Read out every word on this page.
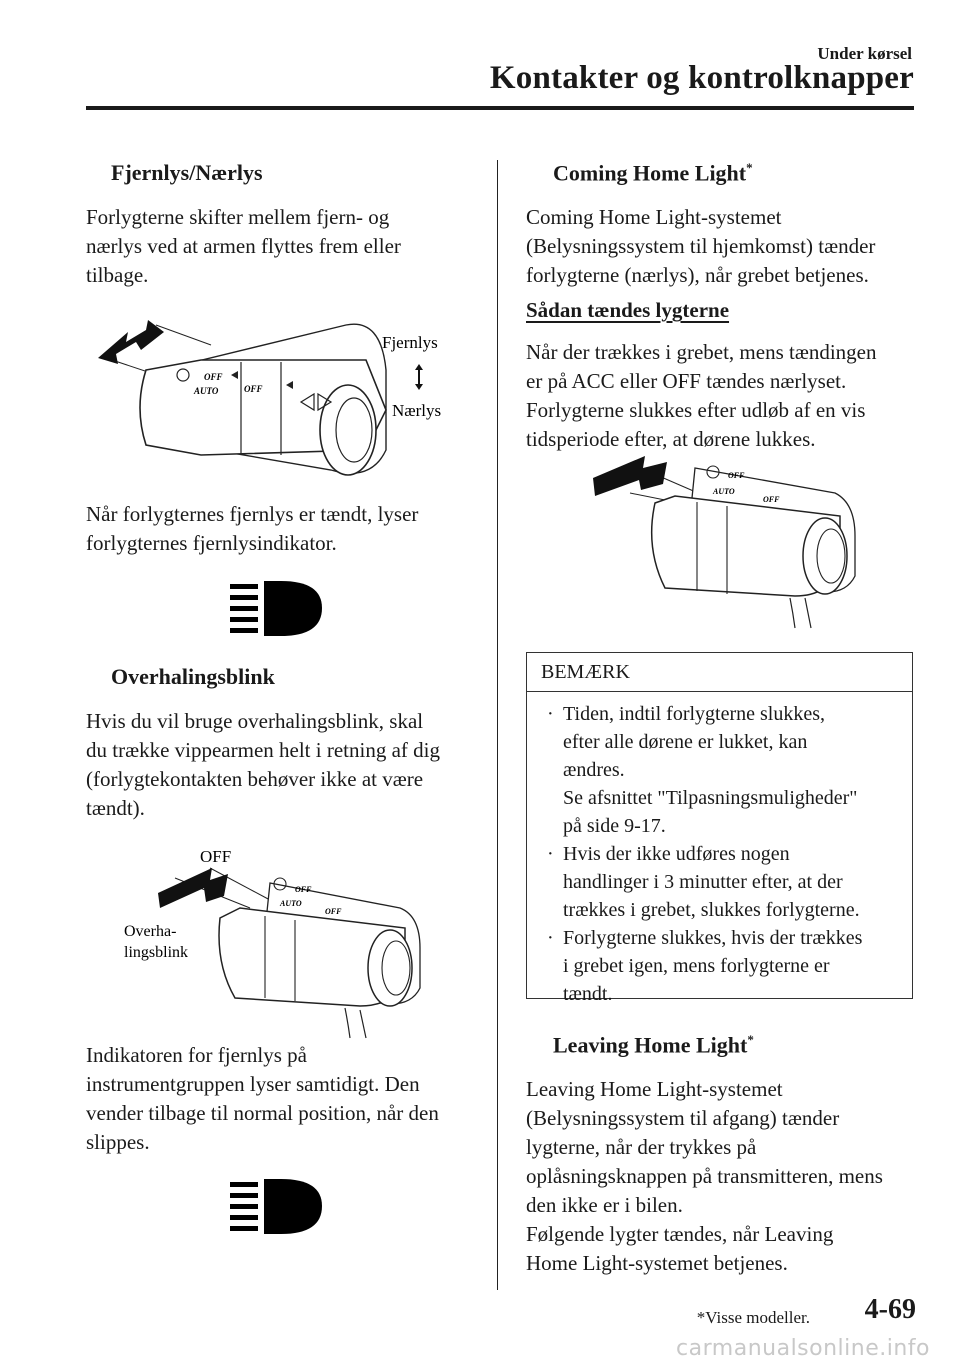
Under kørsel
Kontakter og kontrolknapper
Fjernlys/Nærlys

Forlygterne skifter mellem fjern- og

nærlys ved at armen flyttes frem eller

tilbage.

OFF
AUTO	OFF
Fjernlys
Nærlys

Når forlygternes fjernlys er tændt, lyser

forlygternes fjernlysindikator.

Overhalingsblink

Hvis du vil bruge overhalingsblink, skal

du trække vippearmen helt i retning af dig

(forlygtekontakten behøver ikke at være

tændt).

OFF
Overha-
lingsblink
OFF
AUTO
OFF

Indikatoren for fjernlys på

instrumentgruppen lyser samtidigt. Den

vender tilbage til normal position, når den

slippes.

Coming Home Light*

Coming Home Light-systemet

(Belysningssystem til hjemkomst) tænder

forlygterne (nærlys), når grebet betjenes.

Sådan tændes lygterne

Når der trækkes i grebet, mens tændingen

er på ACC eller OFF tændes nærlyset.

Forlygterne slukkes efter udløb af en vis

tidsperiode efter, at dørene lukkes.

OFF
AUTO
OFF
BEMÆRK
· Tiden, indtil forlygterne slukkes,
efter alle dørene er lukket, kan
ændres.
Se afsnittet "Tilpasningsmuligheder"
på side 9-17.
· Hvis der ikke udføres nogen
handlinger i 3 minutter efter, at der
trækkes i grebet, slukkes forlygterne.
· Forlygterne slukkes, hvis der trækkes
i grebet igen, mens forlygterne er
tændt.
Leaving Home Light*

Leaving Home Light-systemet

(Belysningssystem til afgang) tænder

lygterne, når der trykkes på

oplåsningsknappen på transmitteren, mens

den ikke er i bilen.

Følgende lygter tændes, når Leaving

Home Light-systemet betjenes.

*Visse modeller. 4-69
carmanualsonline.info
